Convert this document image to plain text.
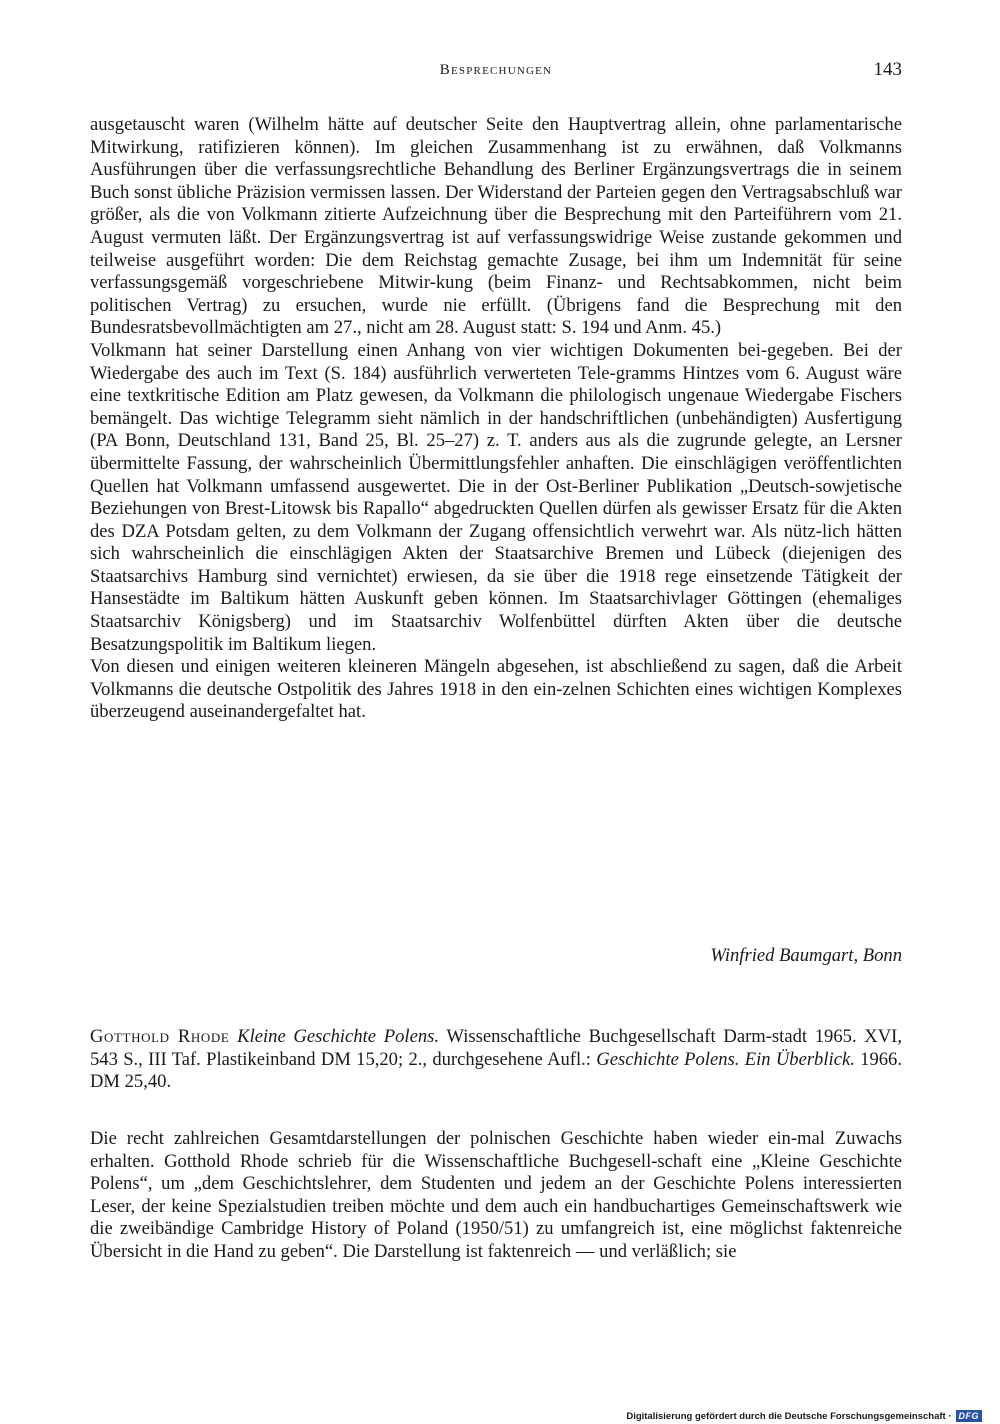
Besprechungen	143

ausgetauscht waren (Wilhelm hätte auf deutscher Seite den Hauptvertrag allein, ohne parlamentarische Mitwirkung, ratifizieren können). Im gleichen Zusammenhang ist zu erwähnen, daß Volkmanns Ausführungen über die verfassungsrechtliche Behandlung des Berliner Ergänzungsvertrags die in seinem Buch sonst übliche Präzision vermissen lassen. Der Widerstand der Parteien gegen den Vertragsabschluß war größer, als die von Volkmann zitierte Aufzeichnung über die Besprechung mit den Parteiführern vom 21. August vermuten läßt. Der Ergänzungsvertrag ist auf verfassungswidrige Weise zustande gekommen und teilweise ausgeführt worden: Die dem Reichstag gemachte Zusage, bei ihm um Indemnität für seine verfassungsgemäß vorgeschriebene Mitwir-kung (beim Finanz- und Rechtsabkommen, nicht beim politischen Vertrag) zu ersuchen, wurde nie erfüllt. (Übrigens fand die Besprechung mit den Bundesratsbevollmächtigten am 27., nicht am 28. August statt: S. 194 und Anm. 45.)

Volkmann hat seiner Darstellung einen Anhang von vier wichtigen Dokumenten bei-gegeben. Bei der Wiedergabe des auch im Text (S. 184) ausführlich verwerteten Tele-gramms Hintzes vom 6. August wäre eine textkritische Edition am Platz gewesen, da Volkmann die philologisch ungenaue Wiedergabe Fischers bemängelt. Das wichtige Telegramm sieht nämlich in der handschriftlichen (unbehändigten) Ausfertigung (PA Bonn, Deutschland 131, Band 25, Bl. 25–27) z. T. anders aus als die zugrunde gelegte, an Lersner übermittelte Fassung, der wahrscheinlich Übermittlungsfehler anhaften. Die einschlägigen veröffentlichten Quellen hat Volkmann umfassend ausgewertet. Die in der Ost-Berliner Publikation „Deutsch-sowjetische Beziehungen von Brest-Litowsk bis Rapallo“ abgedruckten Quellen dürfen als gewisser Ersatz für die Akten des DZA Potsdam gelten, zu dem Volkmann der Zugang offensichtlich verwehrt war. Als nütz-lich hätten sich wahrscheinlich die einschlägigen Akten der Staatsarchive Bremen und Lübeck (diejenigen des Staatsarchivs Hamburg sind vernichtet) erwiesen, da sie über die 1918 rege einsetzende Tätigkeit der Hansestädte im Baltikum hätten Auskunft geben können. Im Staatsarchivlager Göttingen (ehemaliges Staatsarchiv Königsberg) und im Staatsarchiv Wolfenbüttel dürften Akten über die deutsche Besatzungspolitik im Baltikum liegen.

Von diesen und einigen weiteren kleineren Mängeln abgesehen, ist abschließend zu sagen, daß die Arbeit Volkmanns die deutsche Ostpolitik des Jahres 1918 in den ein-zelnen Schichten eines wichtigen Komplexes überzeugend auseinandergefaltet hat.

Winfried Baumgart, Bonn

Gotthold Rhode Kleine Geschichte Polens. Wissenschaftliche Buchgesellschaft Darm-stadt 1965. XVI, 543 S., III Taf. Plastikeinband DM 15,20; 2., durchgesehene Aufl.: Geschichte Polens. Ein Überblick. 1966. DM 25,40.

Die recht zahlreichen Gesamtdarstellungen der polnischen Geschichte haben wieder ein-mal Zuwachs erhalten. Gotthold Rhode schrieb für die Wissenschaftliche Buchgesell-schaft eine „Kleine Geschichte Polens“, um „dem Geschichtslehrer, dem Studenten und jedem an der Geschichte Polens interessierten Leser, der keine Spezialstudien treiben möchte und dem auch ein handbuchartiges Gemeinschaftswerk wie die zweibändige Cambridge History of Poland (1950/51) zu umfangreich ist, eine möglichst faktenreiche Übersicht in die Hand zu geben“. Die Darstellung ist faktenreich — und verläßlich; sie

Digitalisierung gefördert durch die Deutsche Forschungsgemeinschaft · DFG
